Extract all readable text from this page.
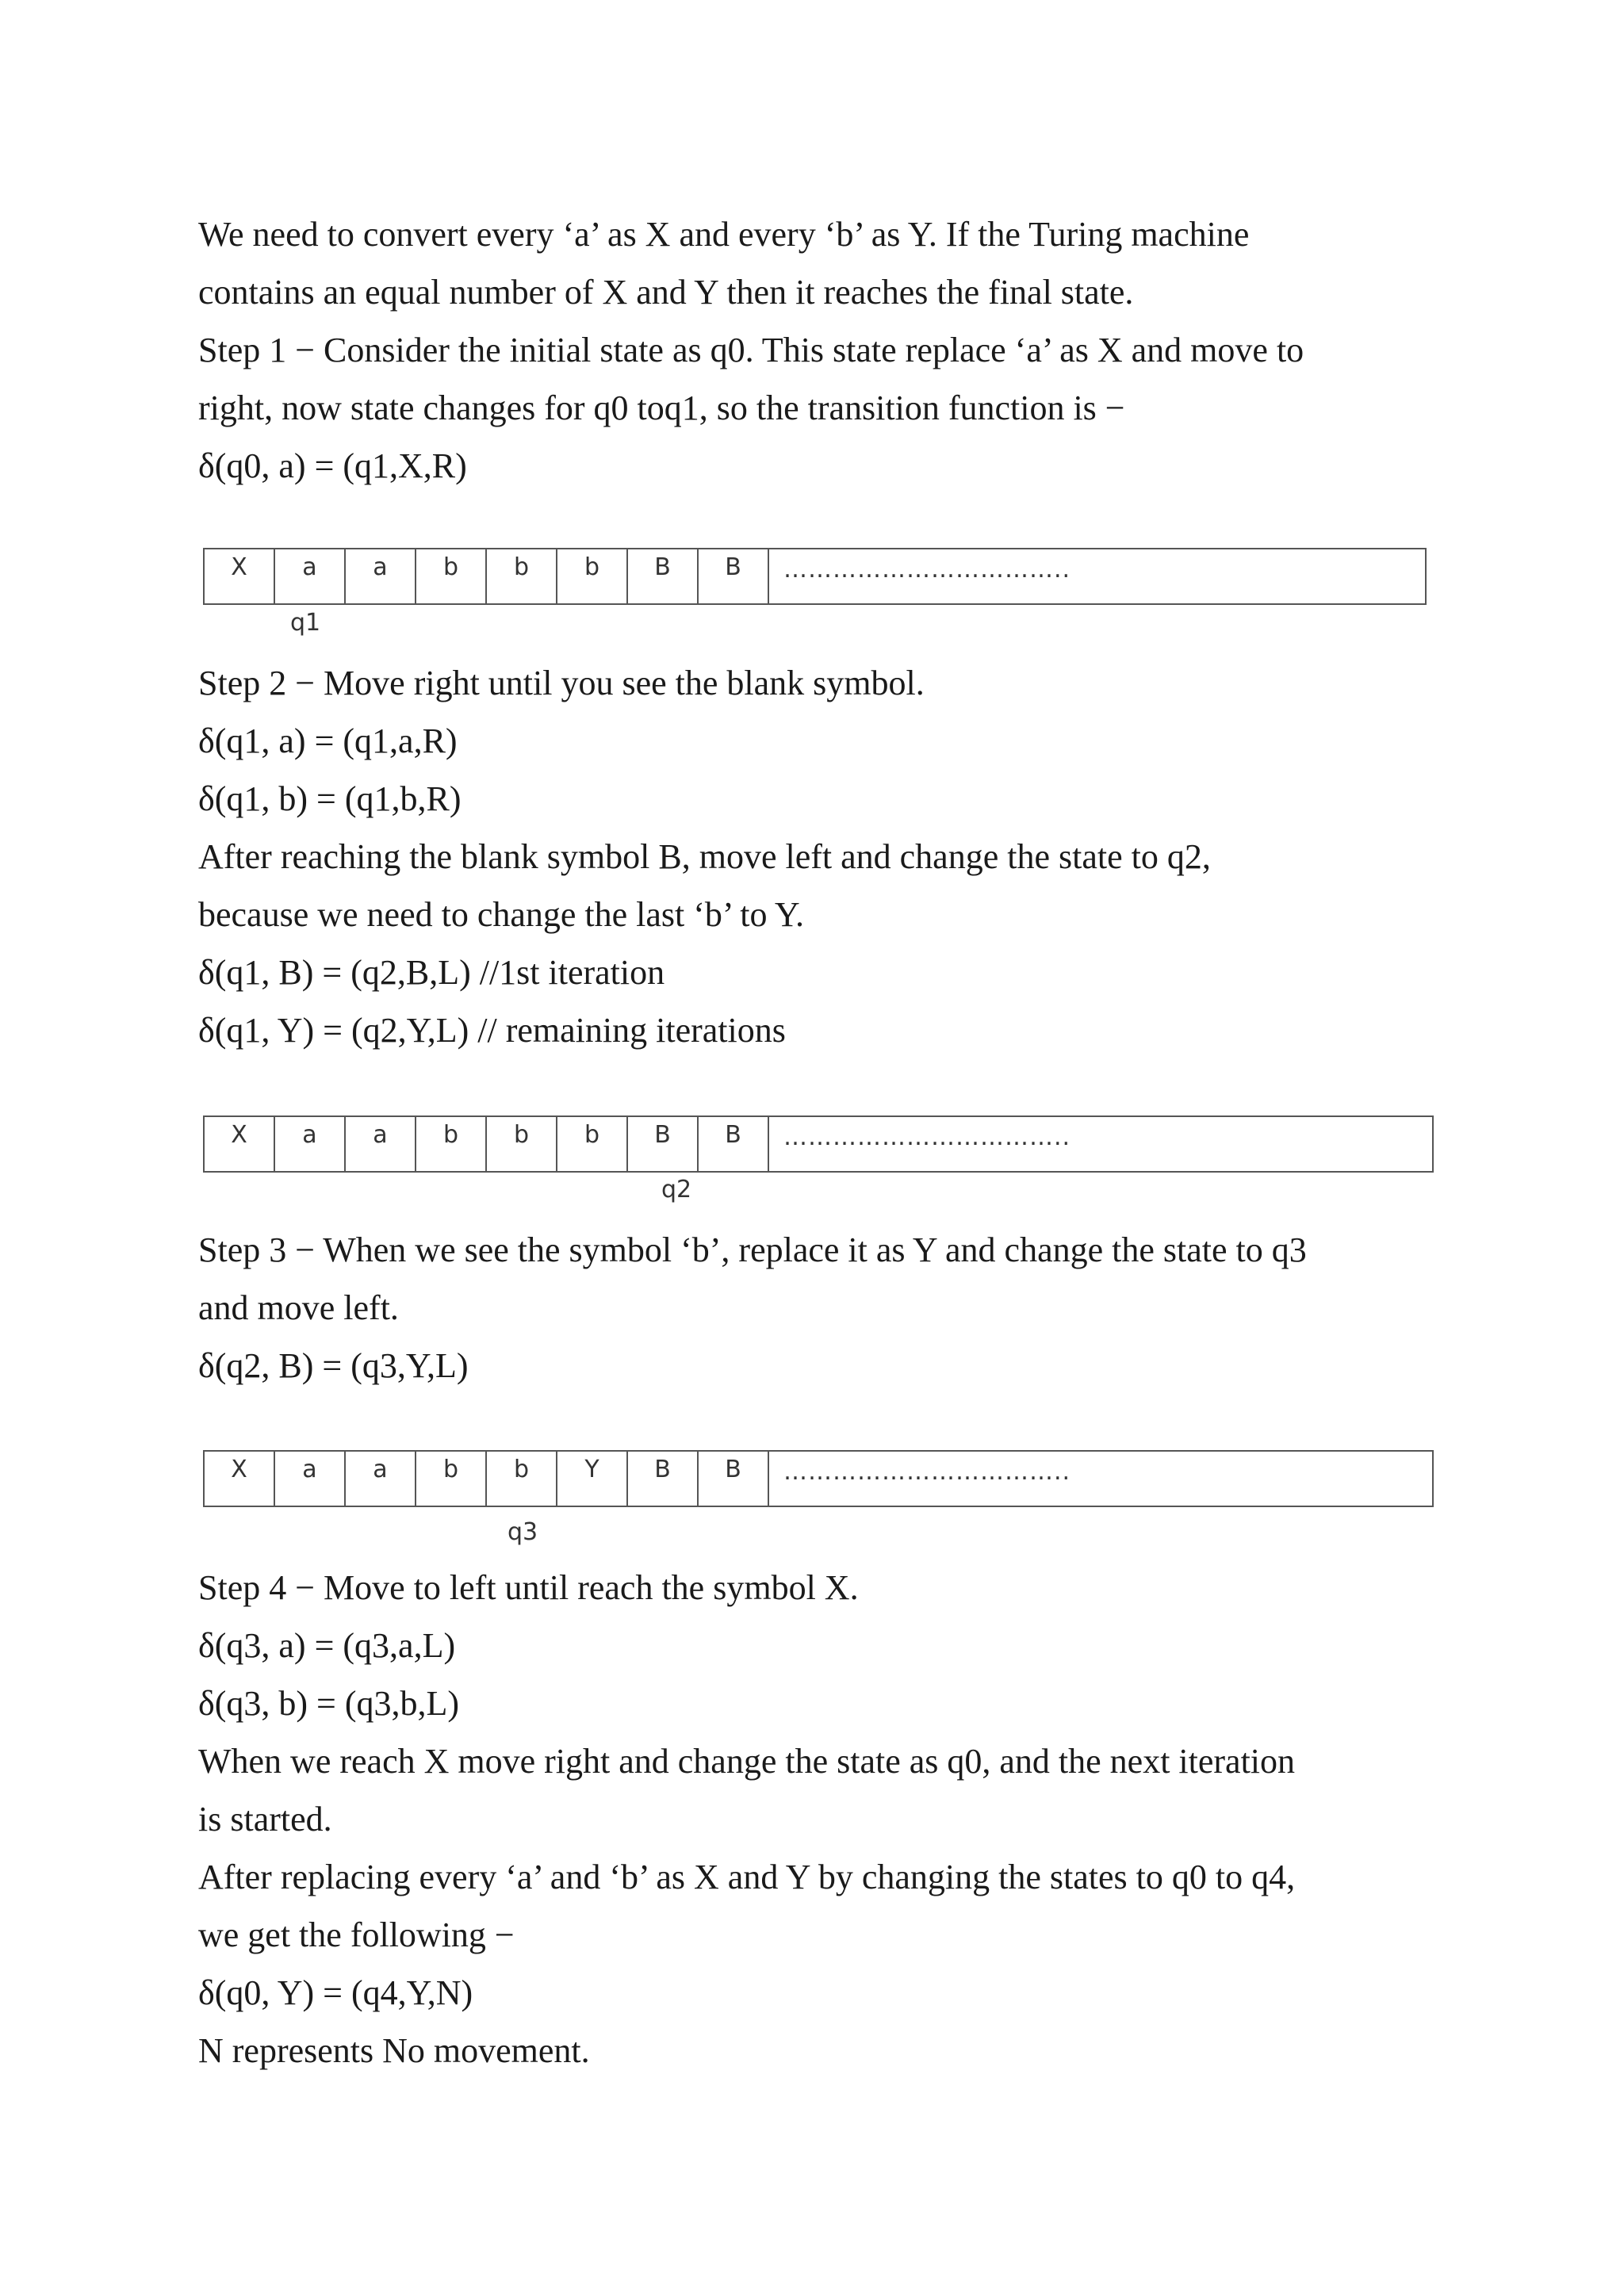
We need to convert every ‘a’ as X and every ‘b’ as Y. If the Turing machine
contains an equal number of X and Y then it reaches the final state.
Step 1 − Consider the initial state as q0. This state replace ‘a’ as X and move to
right, now state changes for q0 toq1, so the transition function is −
δ(q0, a) = (q1,X,R)
X	a	a	b	b	b	B	B	……………………………..
q1
Step 2 − Move right until you see the blank symbol.
δ(q1, a) = (q1,a,R)
δ(q1, b) = (q1,b,R)
After reaching the blank symbol B, move left and change the state to q2,
because we need to change the last ‘b’ to Y.
δ(q1, B) = (q2,B,L) //1st iteration
δ(q1, Y) = (q2,Y,L) // remaining iterations
X	a	a	b	b	b	B	B	……………………………..
q2
Step 3 − When we see the symbol ‘b’, replace it as Y and change the state to q3
and move left.
δ(q2, B) = (q3,Y,L)
X	a	a	b	b	Y	B	B	……………………………..
q3
Step 4 − Move to left until reach the symbol X.
δ(q3, a) = (q3,a,L)
δ(q3, b) = (q3,b,L)
When we reach X move right and change the state as q0, and the next iteration
is started.
After replacing every ‘a’ and ‘b’ as X and Y by changing the states to q0 to q4,
we get the following −
δ(q0, Y) = (q4,Y,N)
N represents No movement.
